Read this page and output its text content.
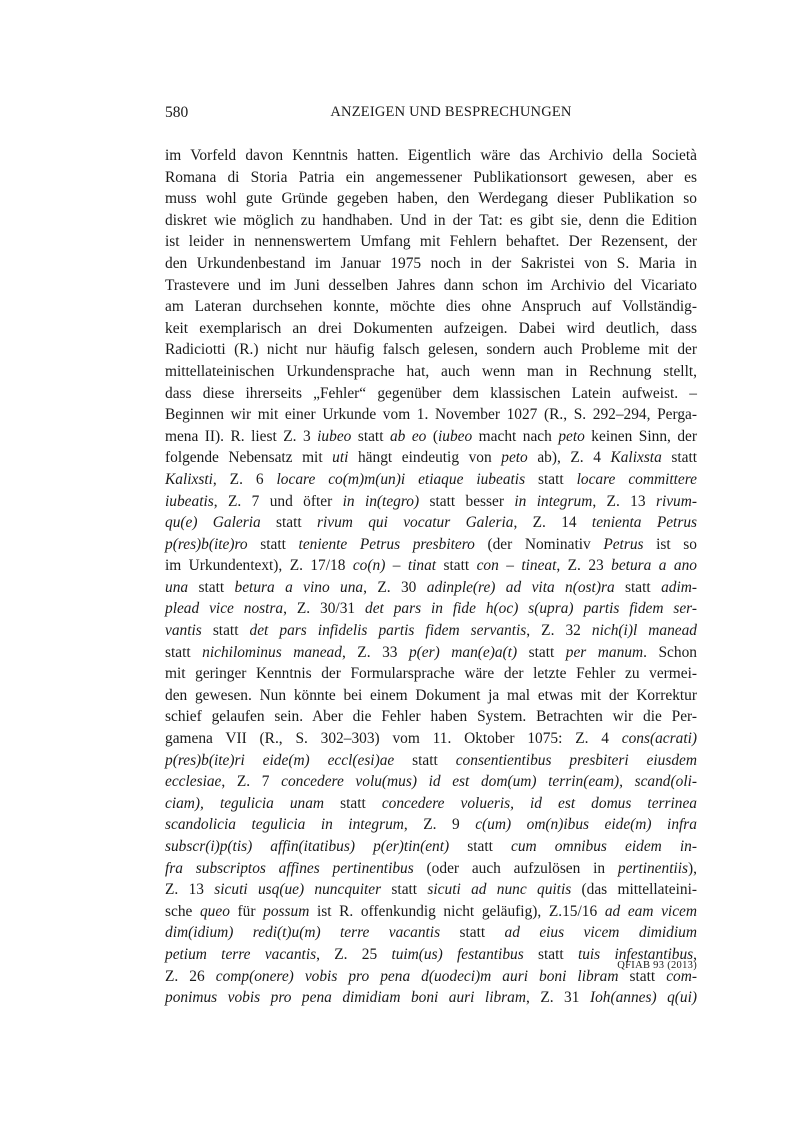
580	ANZEIGEN UND BESPRECHUNGEN
im Vorfeld davon Kenntnis hatten. Eigentlich wäre das Archivio della Società
Romana di Storia Patria ein angemessener Publikationsort gewesen, aber es
muss wohl gute Gründe gegeben haben, den Werdegang dieser Publikation so
diskret wie möglich zu handhaben. Und in der Tat: es gibt sie, denn die Edition
ist leider in nennenswertem Umfang mit Fehlern behaftet. Der Rezensent, der
den Urkundenbestand im Januar 1975 noch in der Sakristei von S. Maria in
Trastevere und im Juni desselben Jahres dann schon im Archivio del Vicariato
am Lateran durchsehen konnte, möchte dies ohne Anspruch auf Vollständig-
keit exemplarisch an drei Dokumenten aufzeigen. Dabei wird deutlich, dass
Radiciotti (R.) nicht nur häufig falsch gelesen, sondern auch Probleme mit der
mittellateinischen Urkundensprache hat, auch wenn man in Rechnung stellt,
dass diese ihrerseits „Fehler“ gegenüber dem klassischen Latein aufweist. –
Beginnen wir mit einer Urkunde vom 1. November 1027 (R., S. 292–294, Perga-
mena II). R. liest Z. 3 iubeo statt ab eo (iubeo macht nach peto keinen Sinn, der
folgende Nebensatz mit uti hängt eindeutig von peto ab), Z. 4 Kalixsta statt
Kalixsti, Z. 6 locare co(m)m(un)i etiaque iubeatis statt locare committere
iubeatis, Z. 7 und öfter in in(tegro) statt besser in integrum, Z. 13 rivum-
qu(e) Galeria statt rivum qui vocatur Galeria, Z. 14 tenienta Petrus
p(res)b(ite)ro statt teniente Petrus presbitero (der Nominativ Petrus ist so
im Urkundentext), Z. 17/18 co(n) – tinat statt con – tineat, Z. 23 betura a ano
una statt betura a vino una, Z. 30 adinple(re) ad vita n(ost)ra statt adim-
plead vice nostra, Z. 30/31 det pars in fide h(oc) s(upra) partis fidem ser-
vantis statt det pars infidelis partis fidem servantis, Z. 32 nich(i)l manead
statt nichilominus manead, Z. 33 p(er) man(e)a(t) statt per manum. Schon
mit geringer Kenntnis der Formularsprache wäre der letzte Fehler zu vermei-
den gewesen. Nun könnte bei einem Dokument ja mal etwas mit der Korrektur
schief gelaufen sein. Aber die Fehler haben System. Betrachten wir die Per-
gamena VII (R., S. 302–303) vom 11. Oktober 1075: Z. 4 cons(acrati)
p(res)b(ite)ri eide(m) eccl(esi)ae statt consentientibus presbiteri eiusdem
ecclesiae, Z. 7 concedere volu(mus) id est dom(um) terrin(eam), scand(oli-
ciam), tegulicia unam statt concedere volueris, id est domus terrinea
scandolicia tegulicia in integrum, Z. 9 c(um) om(n)ibus eide(m) infra
subscr(i)p(tis) affin(itatibus) p(er)tin(ent) statt cum omnibus eidem in-
fra subscriptos affines pertinentibus (oder auch aufzulösen in pertinentiis),
Z. 13 sicuti usq(ue) nuncquiter statt sicuti ad nunc quitis (das mittellateini-
sche queo für possum ist R. offenkundig nicht geläufig), Z.15/16 ad eam vicem
dim(idium) redi(t)u(m) terre vacantis statt ad eius vicem dimidium
petium terre vacantis, Z. 25 tuim(us) festantibus statt tuis infestantibus,
Z. 26 comp(onere) vobis pro pena d(uodeci)m auri boni libram statt com-
ponimus vobis pro pena dimidiam boni auri libram, Z. 31 Ioh(annes) q(ui)
QFIAB 93 (2013)
